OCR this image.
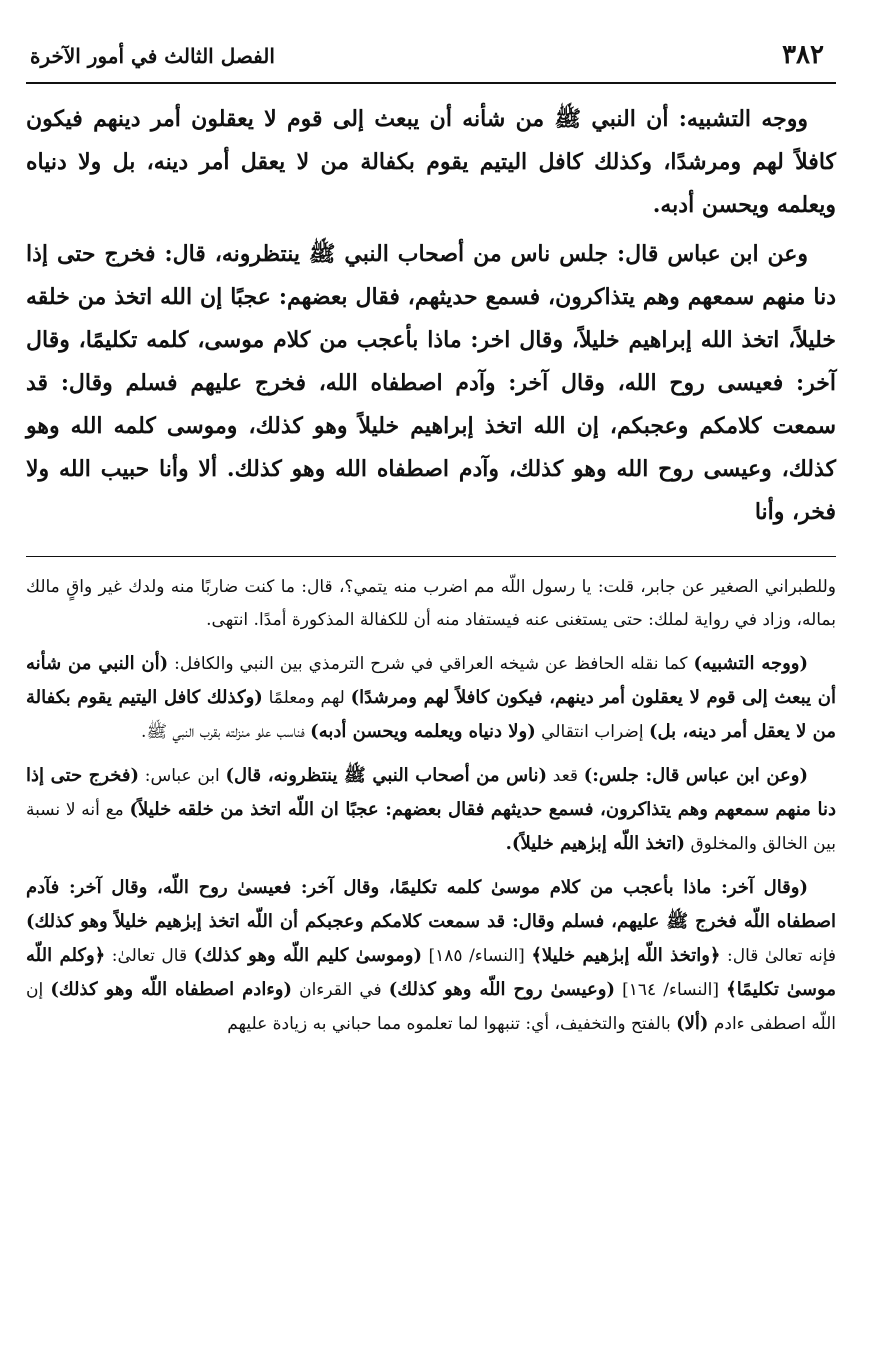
٣٨٢
الفصل الثالث في أمور الآخرة

ووجه التشبيه: أن النبي ﷺ من شأنه أن يبعث إلى قوم لا يعقلون أمر دينهم فيكون كافلاً لهم ومرشدًا، وكذلك كافل اليتيم يقوم بكفالة من لا يعقل أمر دينه، بل ولا دنياه ويعلمه ويحسن أدبه.

وعن ابن عباس قال: جلس ناس من أصحاب النبي ﷺ ينتظرونه، قال: فخرج حتى إذا دنا منهم سمعهم وهم يتذاكرون، فسمع حديثهم، فقال بعضهم: عجبًا إن الله اتخذ من خلقه خليلاً، اتخذ الله إبراهيم خليلاً، وقال اخر: ماذا بأعجب من كلام موسى، كلمه تكليمًا، وقال آخر: فعيسى روح الله، وقال آخر: وآدم اصطفاه الله، فخرج عليهم فسلم وقال: قد سمعت كلامكم وعجبكم، إن الله اتخذ إبراهيم خليلاً وهو كذلك، وموسى كلمه الله وهو كذلك، وعيسى روح الله وهو كذلك، وآدم اصطفاه الله وهو كذلك. ألا وأنا حبيب الله ولا فخر، وأنا

وللطبراني الصغير عن جابر، قلت: يا رسول اللّه مم اضرب منه يتمي؟، قال: ما كنت ضاربًا منه ولدك غير واقٍ مالك بماله، وزاد في رواية لملك: حتى يستغنى عنه فيستفاد منه أن للكفالة المذكورة أمدًا. انتهى.

(ووجه التشبيه) كما نقله الحافظ عن شيخه العراقي في شرح الترمذي بين النبي والكافل: (أن النبي من شأنه أن يبعث إلى قوم لا يعقلون أمر دينهم، فيكون كافلاً لهم ومرشدًا) لهم ومعلمًا (وكذلك كافل اليتيم يقوم بكفالة من لا يعقل أمر دينه، بل) إضراب انتقالي (ولا دنياه ويعلمه ويحسن أدبه) فناسب علو منزلته بقرب النبي ﷺ.

(وعن ابن عباس قال: جلس:) قعد (ناس من أصحاب النبي ﷺ ينتظرونه، قال) ابن عباس: (فخرج حتى إذا دنا منهم سمعهم وهم يتذاكرون، فسمع حديثهم فقال بعضهم: عجبًا ان اللّه اتخذ من خلقه خليلاً) مع أنه لا نسبة بين الخالق والمخلوق (اتخذ اللّه إبرٰهيم خليلاً).

(وقال آخر: ماذا بأعجب من كلام موسىٰ كلمه تكليمًا، وقال آخر: فعيسىٰ روح اللّه، وقال آخر: فآدم اصطفاه اللّه فخرج ﷺ عليهم، فسلم وقال: قد سمعت كلامكم وعجبكم أن اللّه اتخذ إبرٰهيم خليلاً وهو كذلك) فإنه تعالىٰ قال: ﴿واتخذ اللّه إبرٰهيم خليلا﴾ [النساء/ ١٨٥] (وموسىٰ كليم اللّه وهو كذلك) قال تعالىٰ: ﴿وكلم اللّه موسىٰ تكليمًا﴾ [النساء/ ١٦٤] (وعيسىٰ روح اللّه وهو كذلك) في القرءان (وءادم اصطفاه اللّه وهو كذلك) إن اللّه اصطفى ءادم (ألا) بالفتح والتخفيف، أي: تنبهوا لما تعلموه مما حباني به زيادة عليهم
